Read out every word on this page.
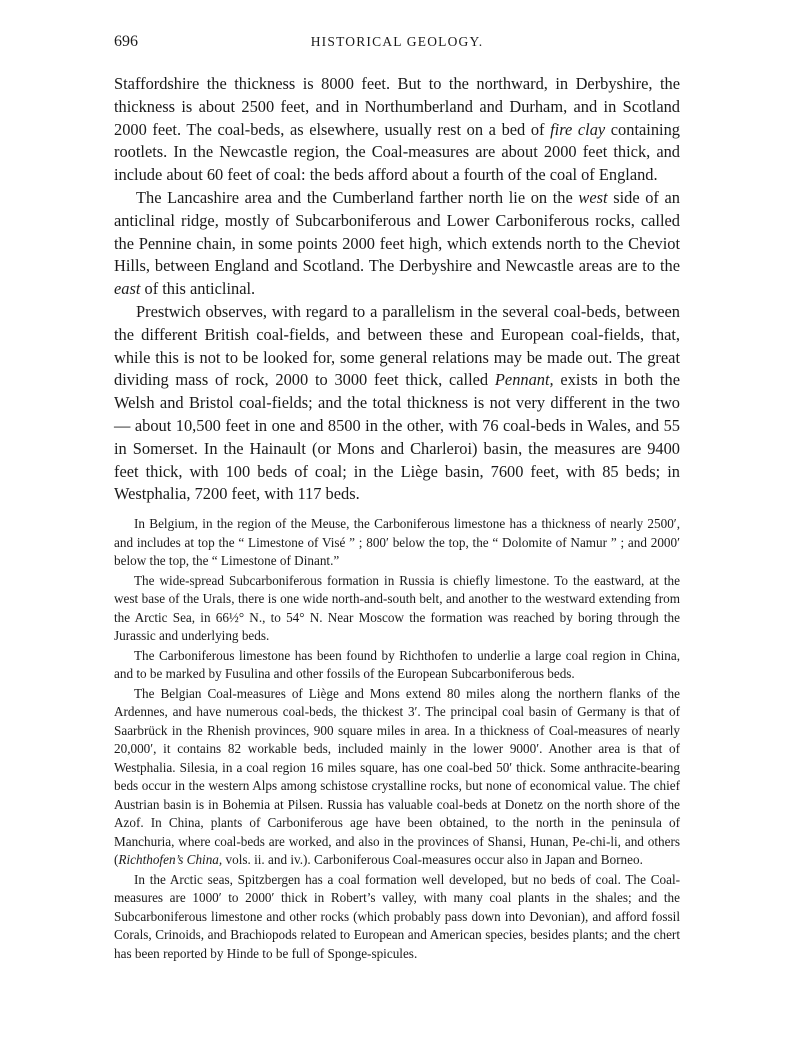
696	HISTORICAL GEOLOGY.

Staffordshire the thickness is 8000 feet. But to the northward, in Derbyshire, the thickness is about 2500 feet, and in Northumberland and Durham, and in Scotland 2000 feet. The coal-beds, as elsewhere, usually rest on a bed of fire clay containing rootlets. In the Newcastle region, the Coal-measures are about 2000 feet thick, and include about 60 feet of coal: the beds afford about a fourth of the coal of England.

The Lancashire area and the Cumberland farther north lie on the west side of an anticlinal ridge, mostly of Subcarboniferous and Lower Carboniferous rocks, called the Pennine chain, in some points 2000 feet high, which extends north to the Cheviot Hills, between England and Scotland. The Derbyshire and Newcastle areas are to the east of this anticlinal.

Prestwich observes, with regard to a parallelism in the several coal-beds, between the different British coal-fields, and between these and European coal-fields, that, while this is not to be looked for, some general relations may be made out. The great dividing mass of rock, 2000 to 3000 feet thick, called Pennant, exists in both the Welsh and Bristol coal-fields; and the total thickness is not very different in the two — about 10,500 feet in one and 8500 in the other, with 76 coal-beds in Wales, and 55 in Somerset. In the Hainault (or Mons and Charleroi) basin, the measures are 9400 feet thick, with 100 beds of coal; in the Liège basin, 7600 feet, with 85 beds; in Westphalia, 7200 feet, with 117 beds.

In Belgium, in the region of the Meuse, the Carboniferous limestone has a thickness of nearly 2500′, and includes at top the “ Limestone of Visé ” ; 800′ below the top, the “ Dolomite of Namur ” ; and 2000′ below the top, the “ Limestone of Dinant.”

The wide-spread Subcarboniferous formation in Russia is chiefly limestone. To the eastward, at the west base of the Urals, there is one wide north-and-south belt, and another to the westward extending from the Arctic Sea, in 66½° N., to 54° N. Near Moscow the formation was reached by boring through the Jurassic and underlying beds.

The Carboniferous limestone has been found by Richthofen to underlie a large coal region in China, and to be marked by Fusulina and other fossils of the European Subcarboniferous beds.

The Belgian Coal-measures of Liège and Mons extend 80 miles along the northern flanks of the Ardennes, and have numerous coal-beds, the thickest 3′. The principal coal basin of Germany is that of Saarbrück in the Rhenish provinces, 900 square miles in area. In a thickness of Coal-measures of nearly 20,000′, it contains 82 workable beds, included mainly in the lower 9000′. Another area is that of Westphalia. Silesia, in a coal region 16 miles square, has one coal-bed 50′ thick. Some anthracite-bearing beds occur in the western Alps among schistose crystalline rocks, but none of economical value. The chief Austrian basin is in Bohemia at Pilsen. Russia has valuable coal-beds at Donetz on the north shore of the Azof. In China, plants of Carboniferous age have been obtained, to the north in the peninsula of Manchuria, where coal-beds are worked, and also in the provinces of Shansi, Hunan, Pe-chi-li, and others (Richthofen’s China, vols. ii. and iv.). Carboniferous Coal-measures occur also in Japan and Borneo.

In the Arctic seas, Spitzbergen has a coal formation well developed, but no beds of coal. The Coal-measures are 1000′ to 2000′ thick in Robert’s valley, with many coal plants in the shales; and the Subcarboniferous limestone and other rocks (which probably pass down into Devonian), and afford fossil Corals, Crinoids, and Brachiopods related to European and American species, besides plants; and the chert has been reported by Hinde to be full of Sponge-spicules.
